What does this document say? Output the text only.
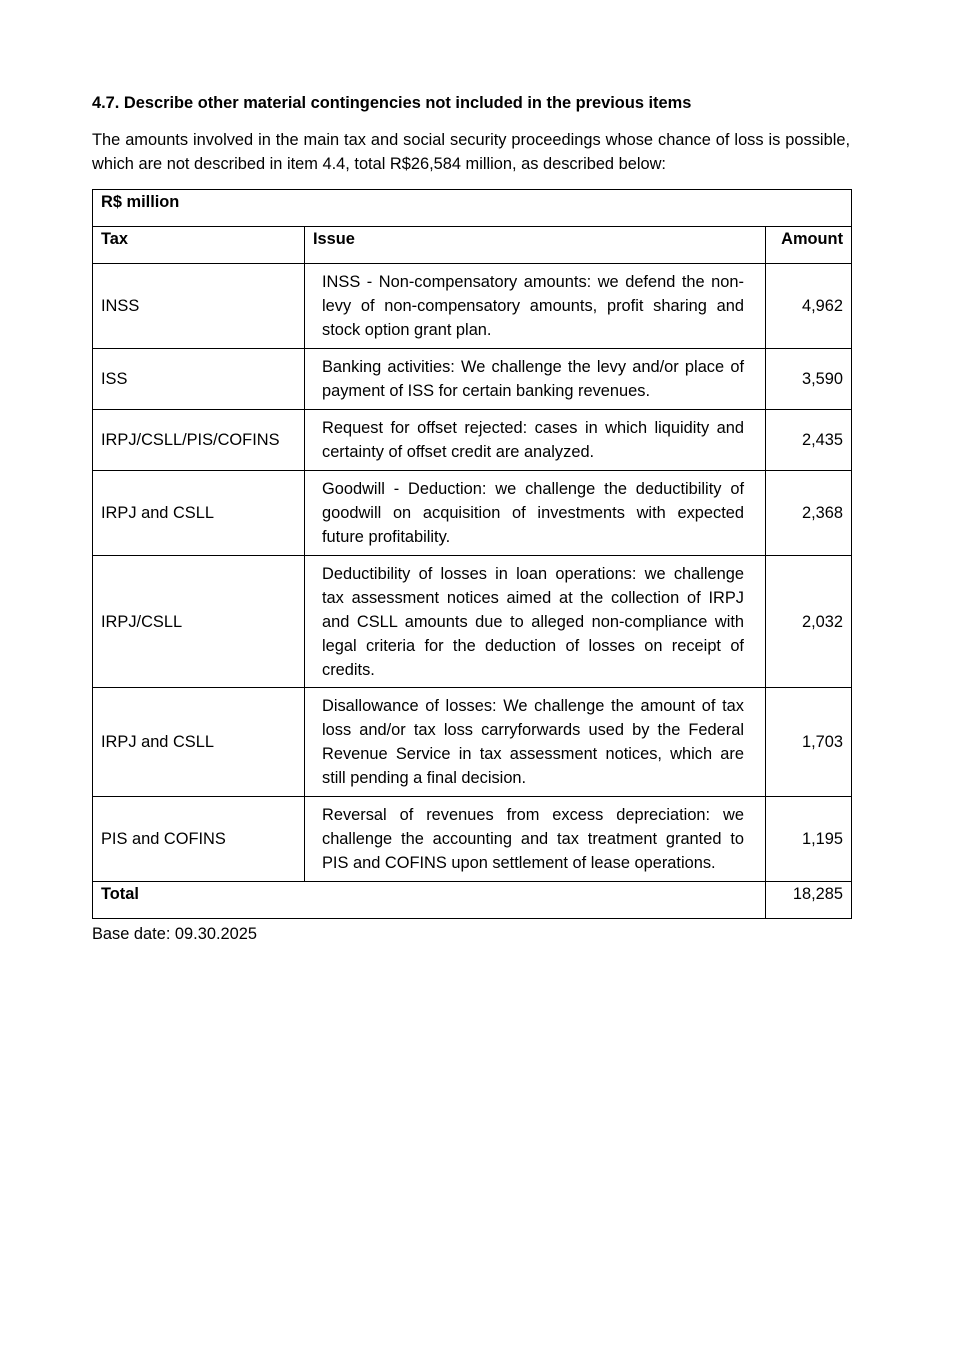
4.7. Describe other material contingencies not included in the previous items
The amounts involved in the main tax and social security proceedings whose chance of loss is possible, which are not described in item 4.4, total R$26,584 million, as described below:
R$ million		
Tax	Issue	Amount
INSS	INSS - Non-compensatory amounts: we defend the non-levy of non-compensatory amounts, profit sharing and stock option grant plan.	4,962
ISS	Banking activities: We challenge the levy and/or place of payment of ISS for certain banking revenues.	3,590
IRPJ/CSLL/PIS/COFINS	Request for offset rejected: cases in which liquidity and certainty of offset credit are analyzed.	2,435
IRPJ and CSLL	Goodwill - Deduction: we challenge the deductibility of goodwill on acquisition of investments with expected future profitability.	2,368
IRPJ/CSLL	Deductibility of losses in loan operations: we challenge tax assessment notices aimed at the collection of IRPJ and CSLL amounts due to alleged non-compliance with legal criteria for the deduction of losses on receipt of credits.	2,032
IRPJ and CSLL	Disallowance of losses: We challenge the amount of tax loss and/or tax loss carryforwards used by the Federal Revenue Service in tax assessment notices, which are still pending a final decision.	1,703
PIS and COFINS	Reversal of revenues from excess depreciation: we challenge the accounting and tax treatment granted to PIS and COFINS upon settlement of lease operations.	1,195
Total		18,285
Base date: 09.30.2025
